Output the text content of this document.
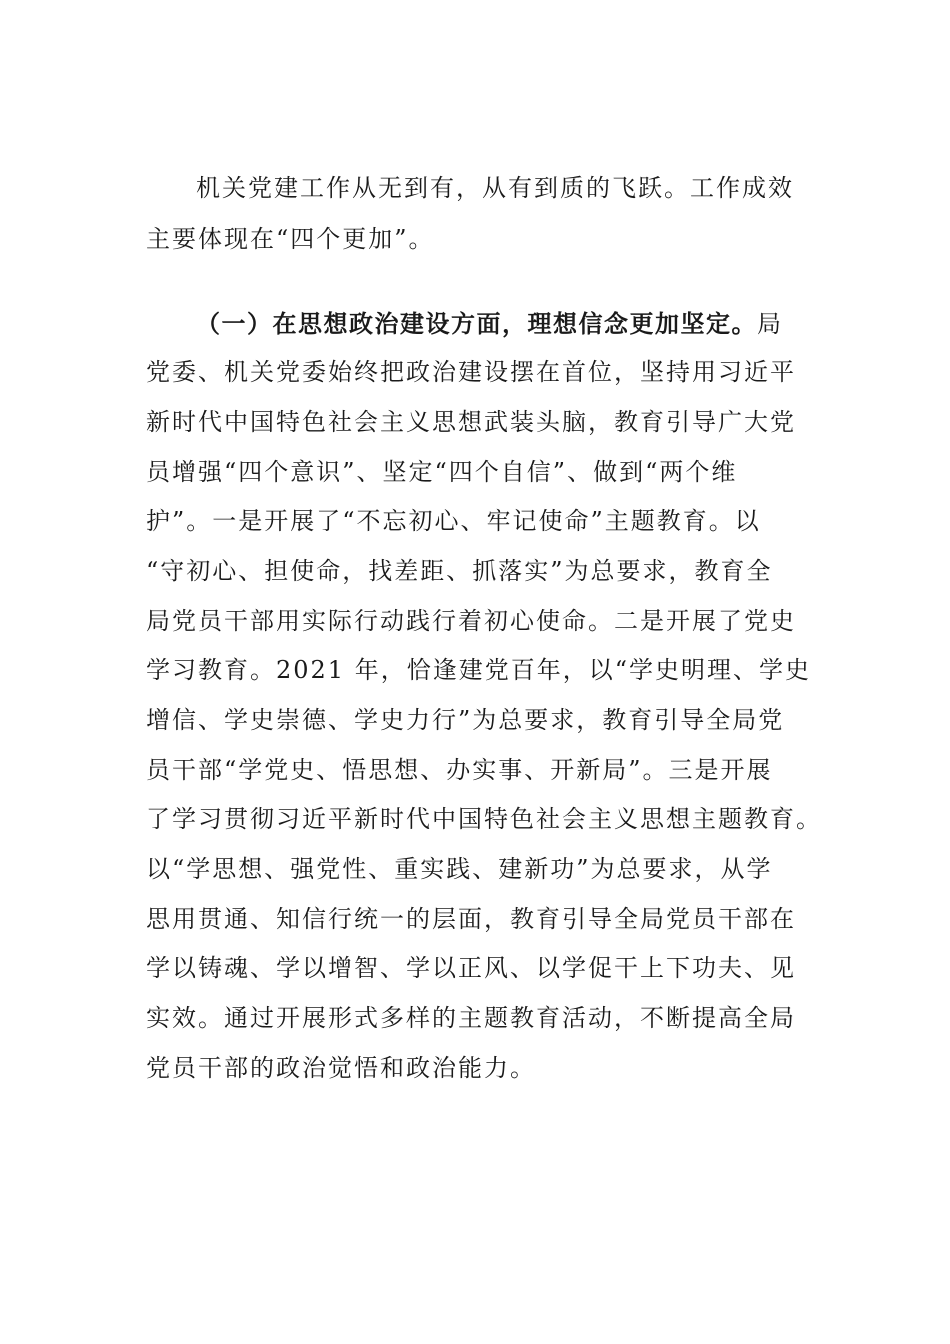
机关党建工作从无到有，从有到质的飞跃。工作成效
主要体现在“四个更加”。
（一）在思想政治建设方面，理想信念更加坚定。局
党委、机关党委始终把政治建设摆在首位，坚持用习近平
新时代中国特色社会主义思想武装头脑，教育引导广大党
员增强“四个意识”、坚定“四个自信”、做到“两个维
护”。一是开展了“不忘初心、牢记使命”主题教育。以
“守初心、担使命，找差距、抓落实”为总要求，教育全
局党员干部用实际行动践行着初心使命。二是开展了党史
学习教育。2021 年，恰逢建党百年，以“学史明理、学史
增信、学史崇德、学史力行”为总要求，教育引导全局党
员干部“学党史、悟思想、办实事、开新局”。三是开展
了学习贯彻习近平新时代中国特色社会主义思想主题教育。
以“学思想、强党性、重实践、建新功”为总要求，从学
思用贯通、知信行统一的层面，教育引导全局党员干部在
学以铸魂、学以增智、学以正风、以学促干上下功夫、见
实效。通过开展形式多样的主题教育活动，不断提高全局
党员干部的政治觉悟和政治能力。
